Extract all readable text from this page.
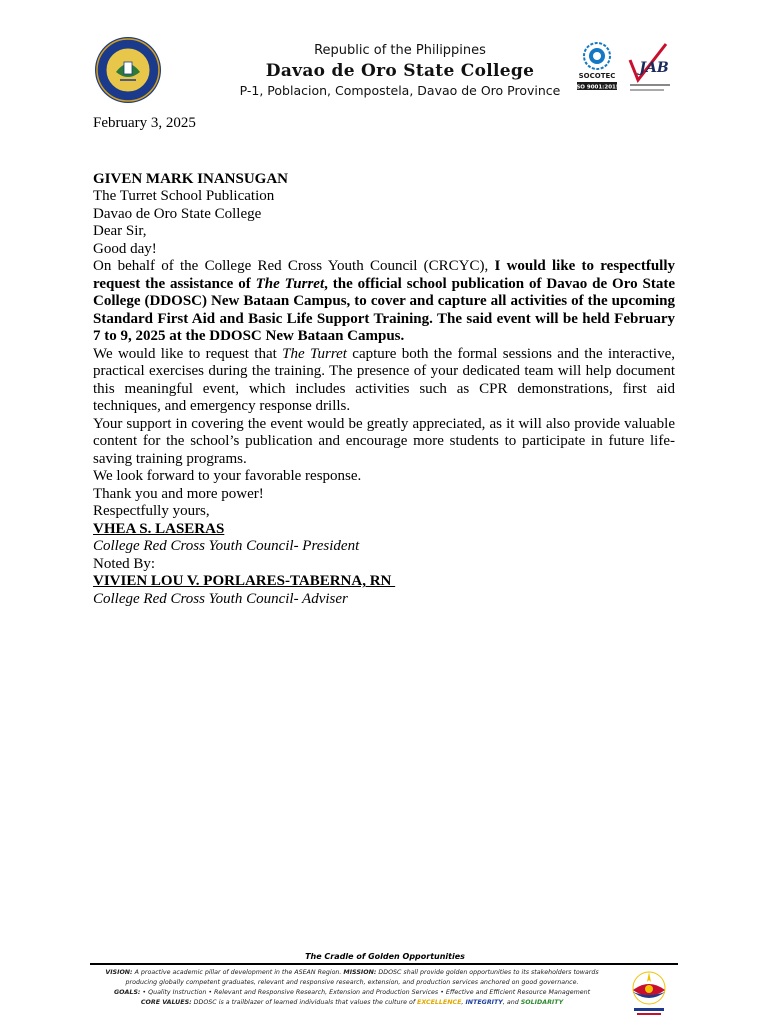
Republic of the Philippines
Davao de Oro State College
P-1, Poblacion, Compostela, Davao de Oro Province
SOCOTEC
ISO 9001:2015
JAB

February 3, 2025

GIVEN MARK INANSUGAN

The Turret School Publication

Davao de Oro State College

Dear Sir,

Good day!

On behalf of the College Red Cross Youth Council (CRCYC), I would like to respectfully request the assistance of The Turret, the official school publication of Davao de Oro State College (DDOSC) New Bataan Campus, to cover and capture all activities of the upcoming Standard First Aid and Basic Life Support Training. The said event will be held February 7 to 9, 2025 at the DDOSC New Bataan Campus.

We would like to request that The Turret capture both the formal sessions and the interactive, practical exercises during the training. The presence of your dedicated team will help document this meaningful event, which includes activities such as CPR demonstrations, first aid techniques, and emergency response drills.

Your support in covering the event would be greatly appreciated, as it will also provide valuable content for the school’s publication and encourage more students to participate in future life-saving training programs.

We look forward to your favorable response.

Thank you and more power!

Respectfully yours,

VHEA S. LASERAS

College Red Cross Youth Council- President

Noted By:

VIVIEN LOU V. PORLARES-TABERNA, RN

College Red Cross Youth Council- Adviser

The Cradle of Golden Opportunities
VISION: A proactive academic pillar of development in the ASEAN Region. MISSION: DDOSC shall provide golden opportunities to its stakeholders towards producing globally competent graduates, relevant and responsive research, extension, and production services anchored on good governance.
GOALS: • Quality Instruction • Relevant and Responsive Research, Extension and Production Services • Effective and Efficient Resource Management
CORE VALUES: DDOSC is a trailblazer of learned individuals that values the culture of EXCELLENCE, INTEGRITY, and SOLIDARITY
